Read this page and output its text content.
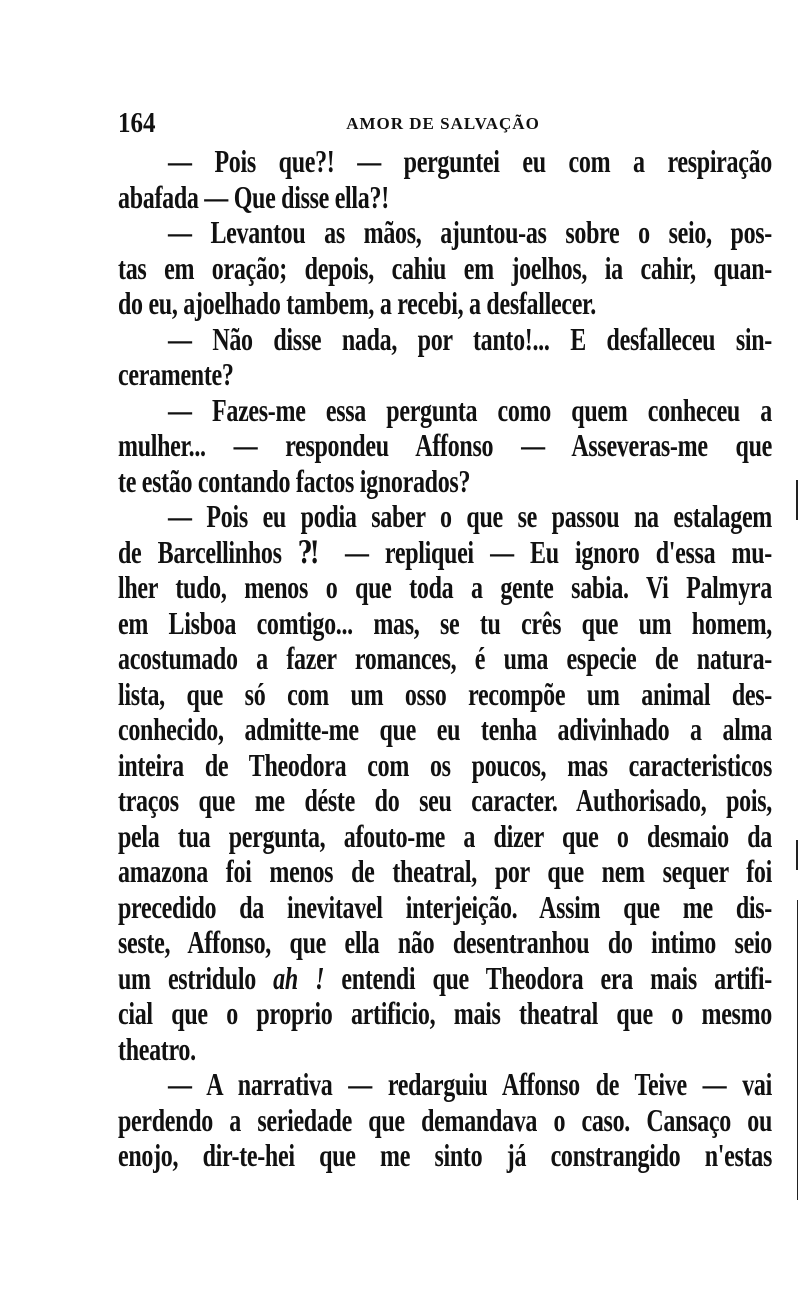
164	AMOR DE SALVAÇÃO
— Pois que?! — perguntei eu com a respiração
abafada — Que disse ella?!
— Levantou as mãos, ajuntou-as sobre o seio, pos-
tas em oração; depois, cahiu em joelhos, ia cahir, quan-
do eu, ajoelhado tambem, a recebi, a desfallecer.
— Não disse nada, por tanto!... E desfalleceu sin-
ceramente?
— Fazes-me essa pergunta como quem conheceu a
mulher... — respondeu Affonso — Asseveras-me que
te estão contando factos ignorados?
— Pois eu podia saber o que se passou na estalagem
de Barcellinhos ⁈ — repliquei — Eu ignoro d'essa mu-
lher tudo, menos o que toda a gente sabia. Vi Palmyra
em Lisboa comtigo... mas, se tu crês que um homem,
acostumado a fazer romances, é uma especie de natura-
lista, que só com um osso recompõe um animal des-
conhecido, admitte-me que eu tenha adivinhado a alma
inteira de Theodora com os poucos, mas caracteristicos
traços que me déste do seu caracter. Authorisado, pois,
pela tua pergunta, afouto-me a dizer que o desmaio da
amazona foi menos de theatral, por que nem sequer foi
precedido da inevitavel interjeição. Assim que me dis-
seste, Affonso, que ella não desentranhou do intimo seio
um estridulo ah ! entendi que Theodora era mais artifi-
cial que o proprio artificio, mais theatral que o mesmo
theatro.
— A narrativa — redarguiu Affonso de Teive — vai
perdendo a seriedade que demandava o caso. Cansaço ou
enojo, dir-te-hei que me sinto já constrangido n'estas
